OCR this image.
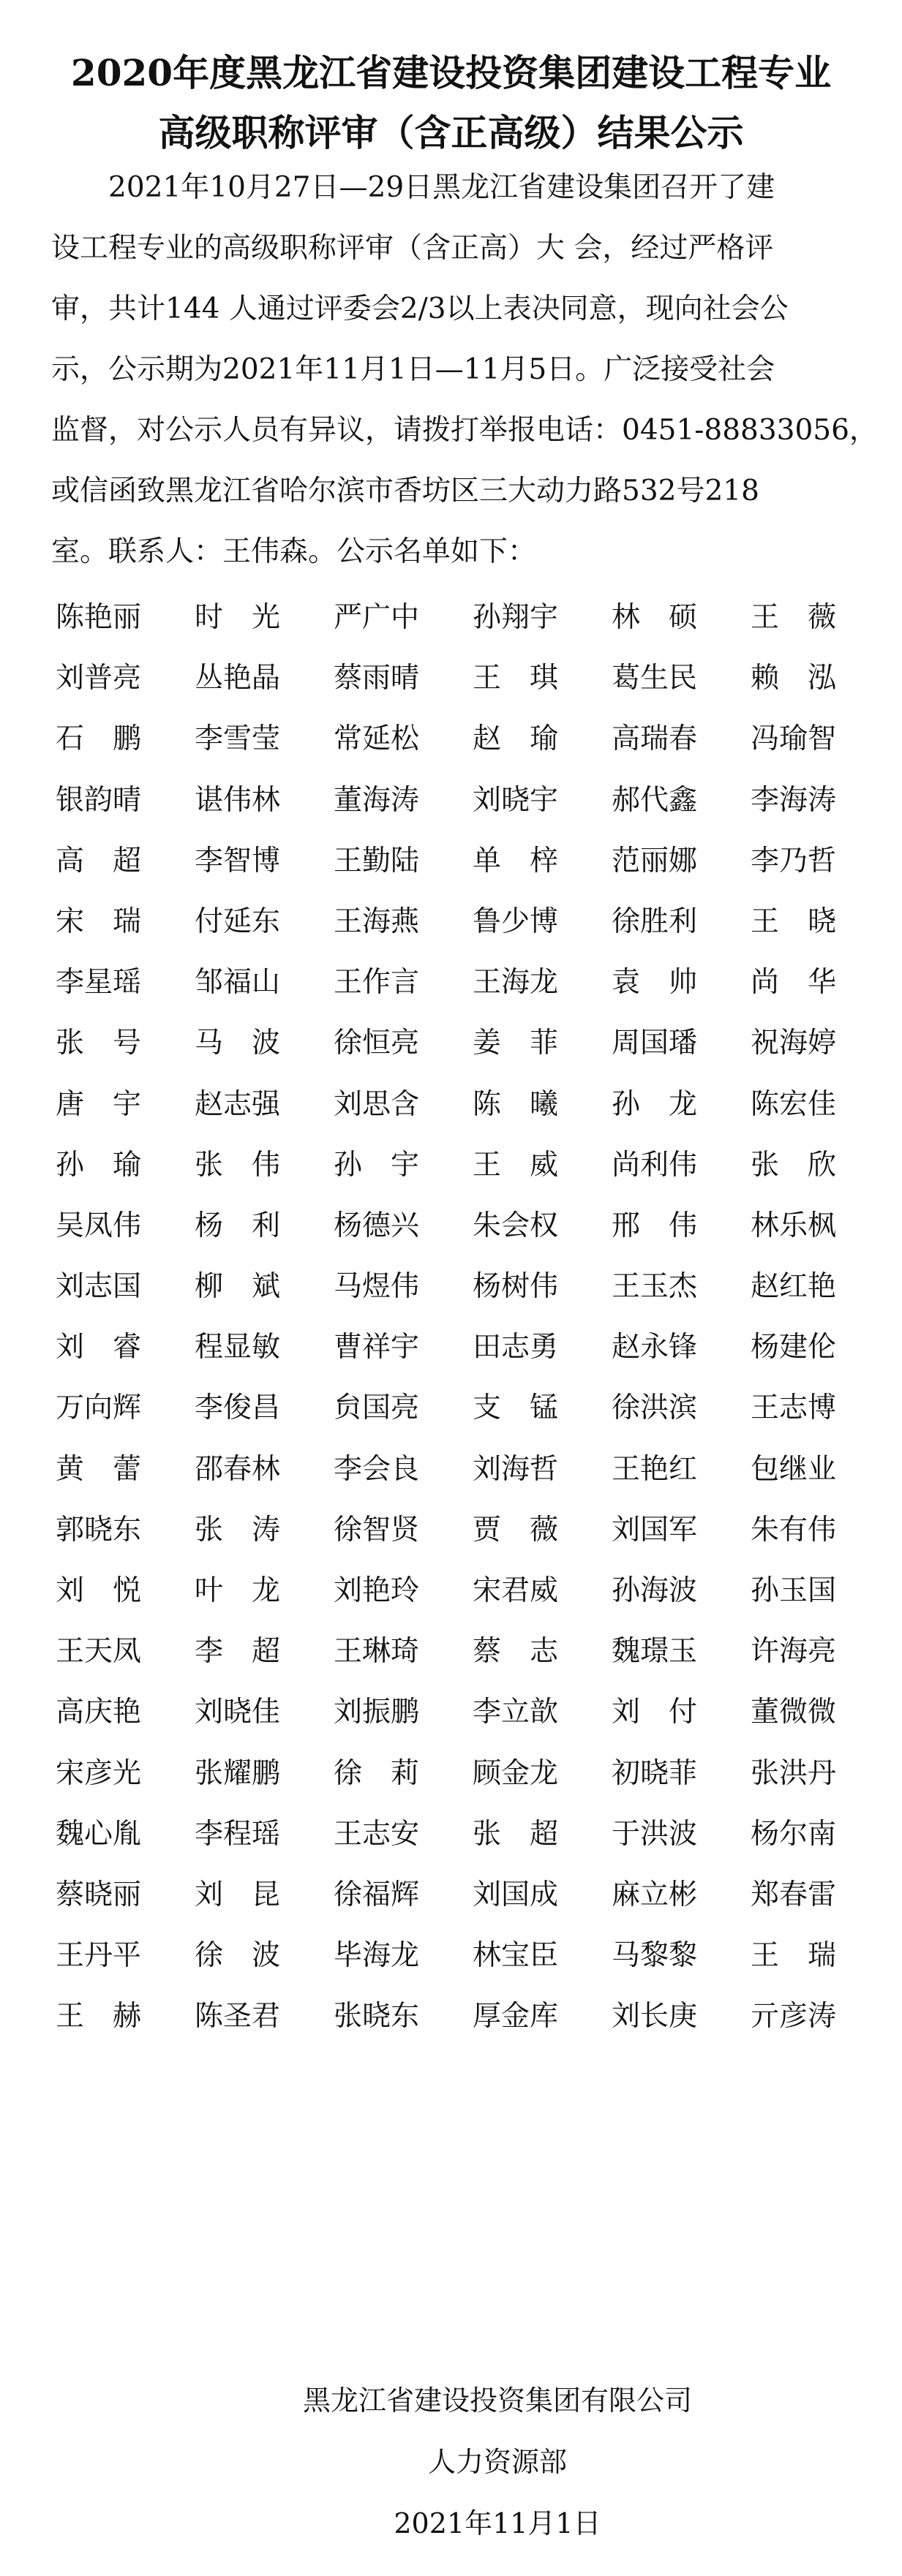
2020年度黑龙江省建设投资集团建设工程专业
高级职称评审（含正高级）结果公示
2021年10月27日—29日黑龙江省建设集团召开了建
设工程专业的高级职称评审（含正高）大 会，经过严格评
审，共计144 人通过评委会2/3以上表决同意，现向社会公
示，公示期为2021年11月1日—11月5日。广泛接受社会
监督，对公示人员有异议，请拨打举报电话：0451-88833056，
或信函致黑龙江省哈尔滨市香坊区三大动力路532号218
室。联系人：王伟森。公示名单如下：
陈艳丽 时　光 严广中 孙翔宇 林　硕 王　薇
刘普亮 丛艳晶 蔡雨晴 王　琪 葛生民 赖　泓
石　鹏 李雪莹 常延松 赵　瑜 高瑞春 冯瑜智
银韵晴 谌伟林 董海涛 刘晓宇 郝代鑫 李海涛
高　超 李智博 王勤陆 单　梓 范丽娜 李乃哲
宋　瑞 付延东 王海燕 鲁少博 徐胜利 王　晓
李星瑶 邹福山 王作言 王海龙 袁　帅 尚　华
张　号 马　波 徐恒亮 姜　菲 周国璠 祝海婷
唐　宇 赵志强 刘思含 陈　曦 孙　龙 陈宏佳
孙　瑜 张　伟 孙　宇 王　威 尚利伟 张　欣
吴凤伟 杨　利 杨德兴 朱会权 邢　伟 林乐枫
刘志国 柳　斌 马煜伟 杨树伟 王玉杰 赵红艳
刘　睿 程显敏 曹祥宇 田志勇 赵永锋 杨建伦
万向辉 李俊昌 贠国亮 支　锰 徐洪滨 王志博
黄　蕾 邵春林 李会良 刘海哲 王艳红 包继业
郭晓东 张　涛 徐智贤 贾　薇 刘国军 朱有伟
刘　悦 叶　龙 刘艳玲 宋君威 孙海波 孙玉国
王天凤 李　超 王琳琦 蔡　志 魏璟玉 许海亮
高庆艳 刘晓佳 刘振鹏 李立歆 刘　付 董微微
宋彦光 张耀鹏 徐　莉 顾金龙 初晓菲 张洪丹
魏心胤 李程瑶 王志安 张　超 于洪波 杨尔南
蔡晓丽 刘　昆 徐福辉 刘国成 麻立彬 郑春雷
王丹平 徐　波 毕海龙 林宝臣 马黎黎 王　瑞
王　赫 陈圣君 张晓东 厚金库 刘长庚 亓彦涛
黑龙江省建设投资集团有限公司
人力资源部
2021年11月1日
